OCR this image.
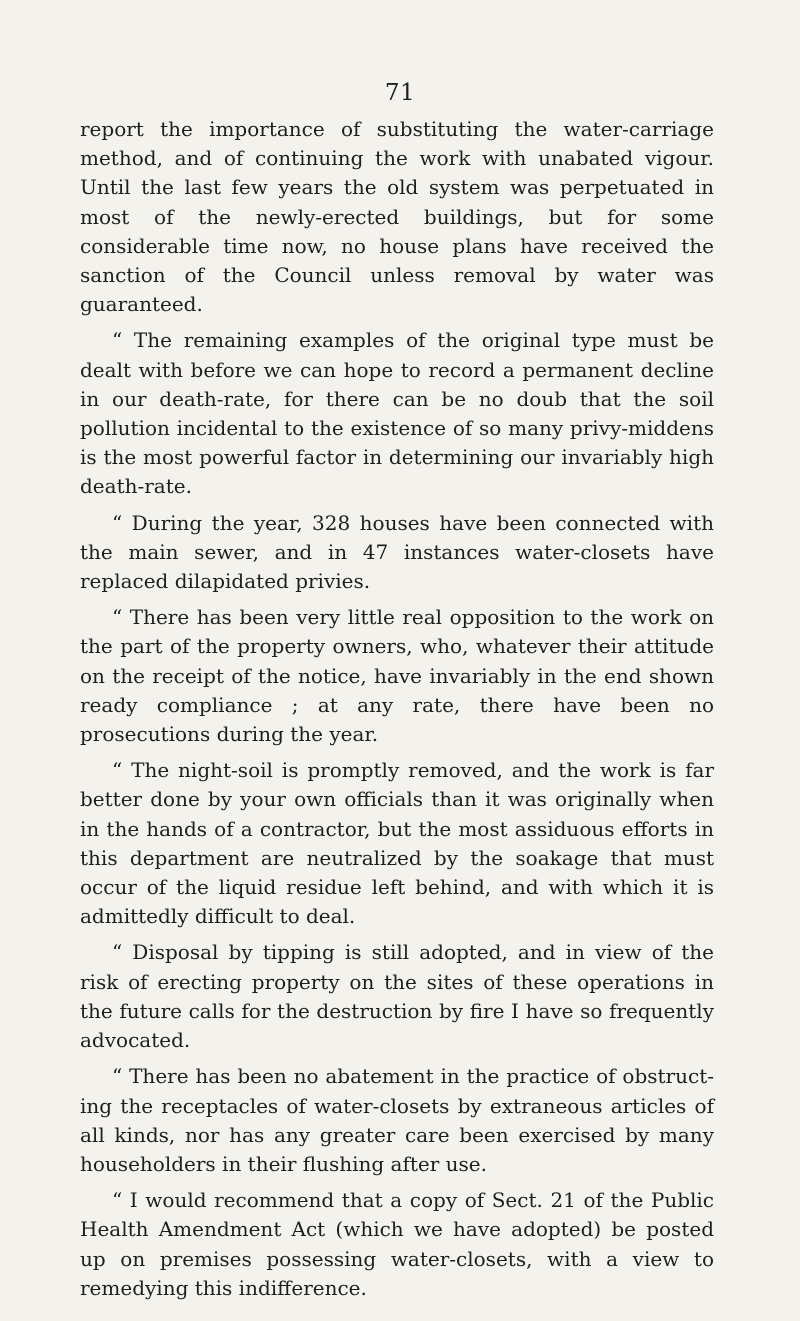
71

report the importance of substituting the water-carriage method, and of continuing the work with unabated vigour. Until the last few years the old system was perpetuated in most of the newly-erected buildings, but for some considerable time now, no house plans have received the sanction of the Council unless removal by water was guaranteed.

“ The remaining examples of the original type must be dealt with before we can hope to record a permanent decline in our death-rate, for there can be no doub that the soil pollution incidental to the existence of so many privy-middens is the most powerful factor in determining our invariably high death-rate.

“ During the year, 328 houses have been connected with the main sewer, and in 47 instances water-closets have replaced dilapidated privies.

“ There has been very little real opposition to the work on the part of the property owners, who, whatever their attitude on the receipt of the notice, have invariably in the end shown ready compliance ; at any rate, there have been no prosecutions during the year.

“ The night-soil is promptly removed, and the work is far better done by your own officials than it was originally when in the hands of a contractor, but the most assiduous efforts in this department are neutralized by the soakage that must occur of the liquid residue left behind, and with which it is admittedly difficult to deal.

“ Disposal by tipping is still adopted, and in view of the risk of erecting property on the sites of these operations in the future calls for the destruction by fire I have so frequently advocated.

“ There has been no abatement in the practice of obstruct- ing the receptacles of water-closets by extraneous articles of all kinds, nor has any greater care been exercised by many householders in their flushing after use.

“ I would recommend that a copy of Sect. 21 of the Public Health Amendment Act (which we have adopted) be posted up on premises possessing water-closets, with a view to remedying this indifference.
